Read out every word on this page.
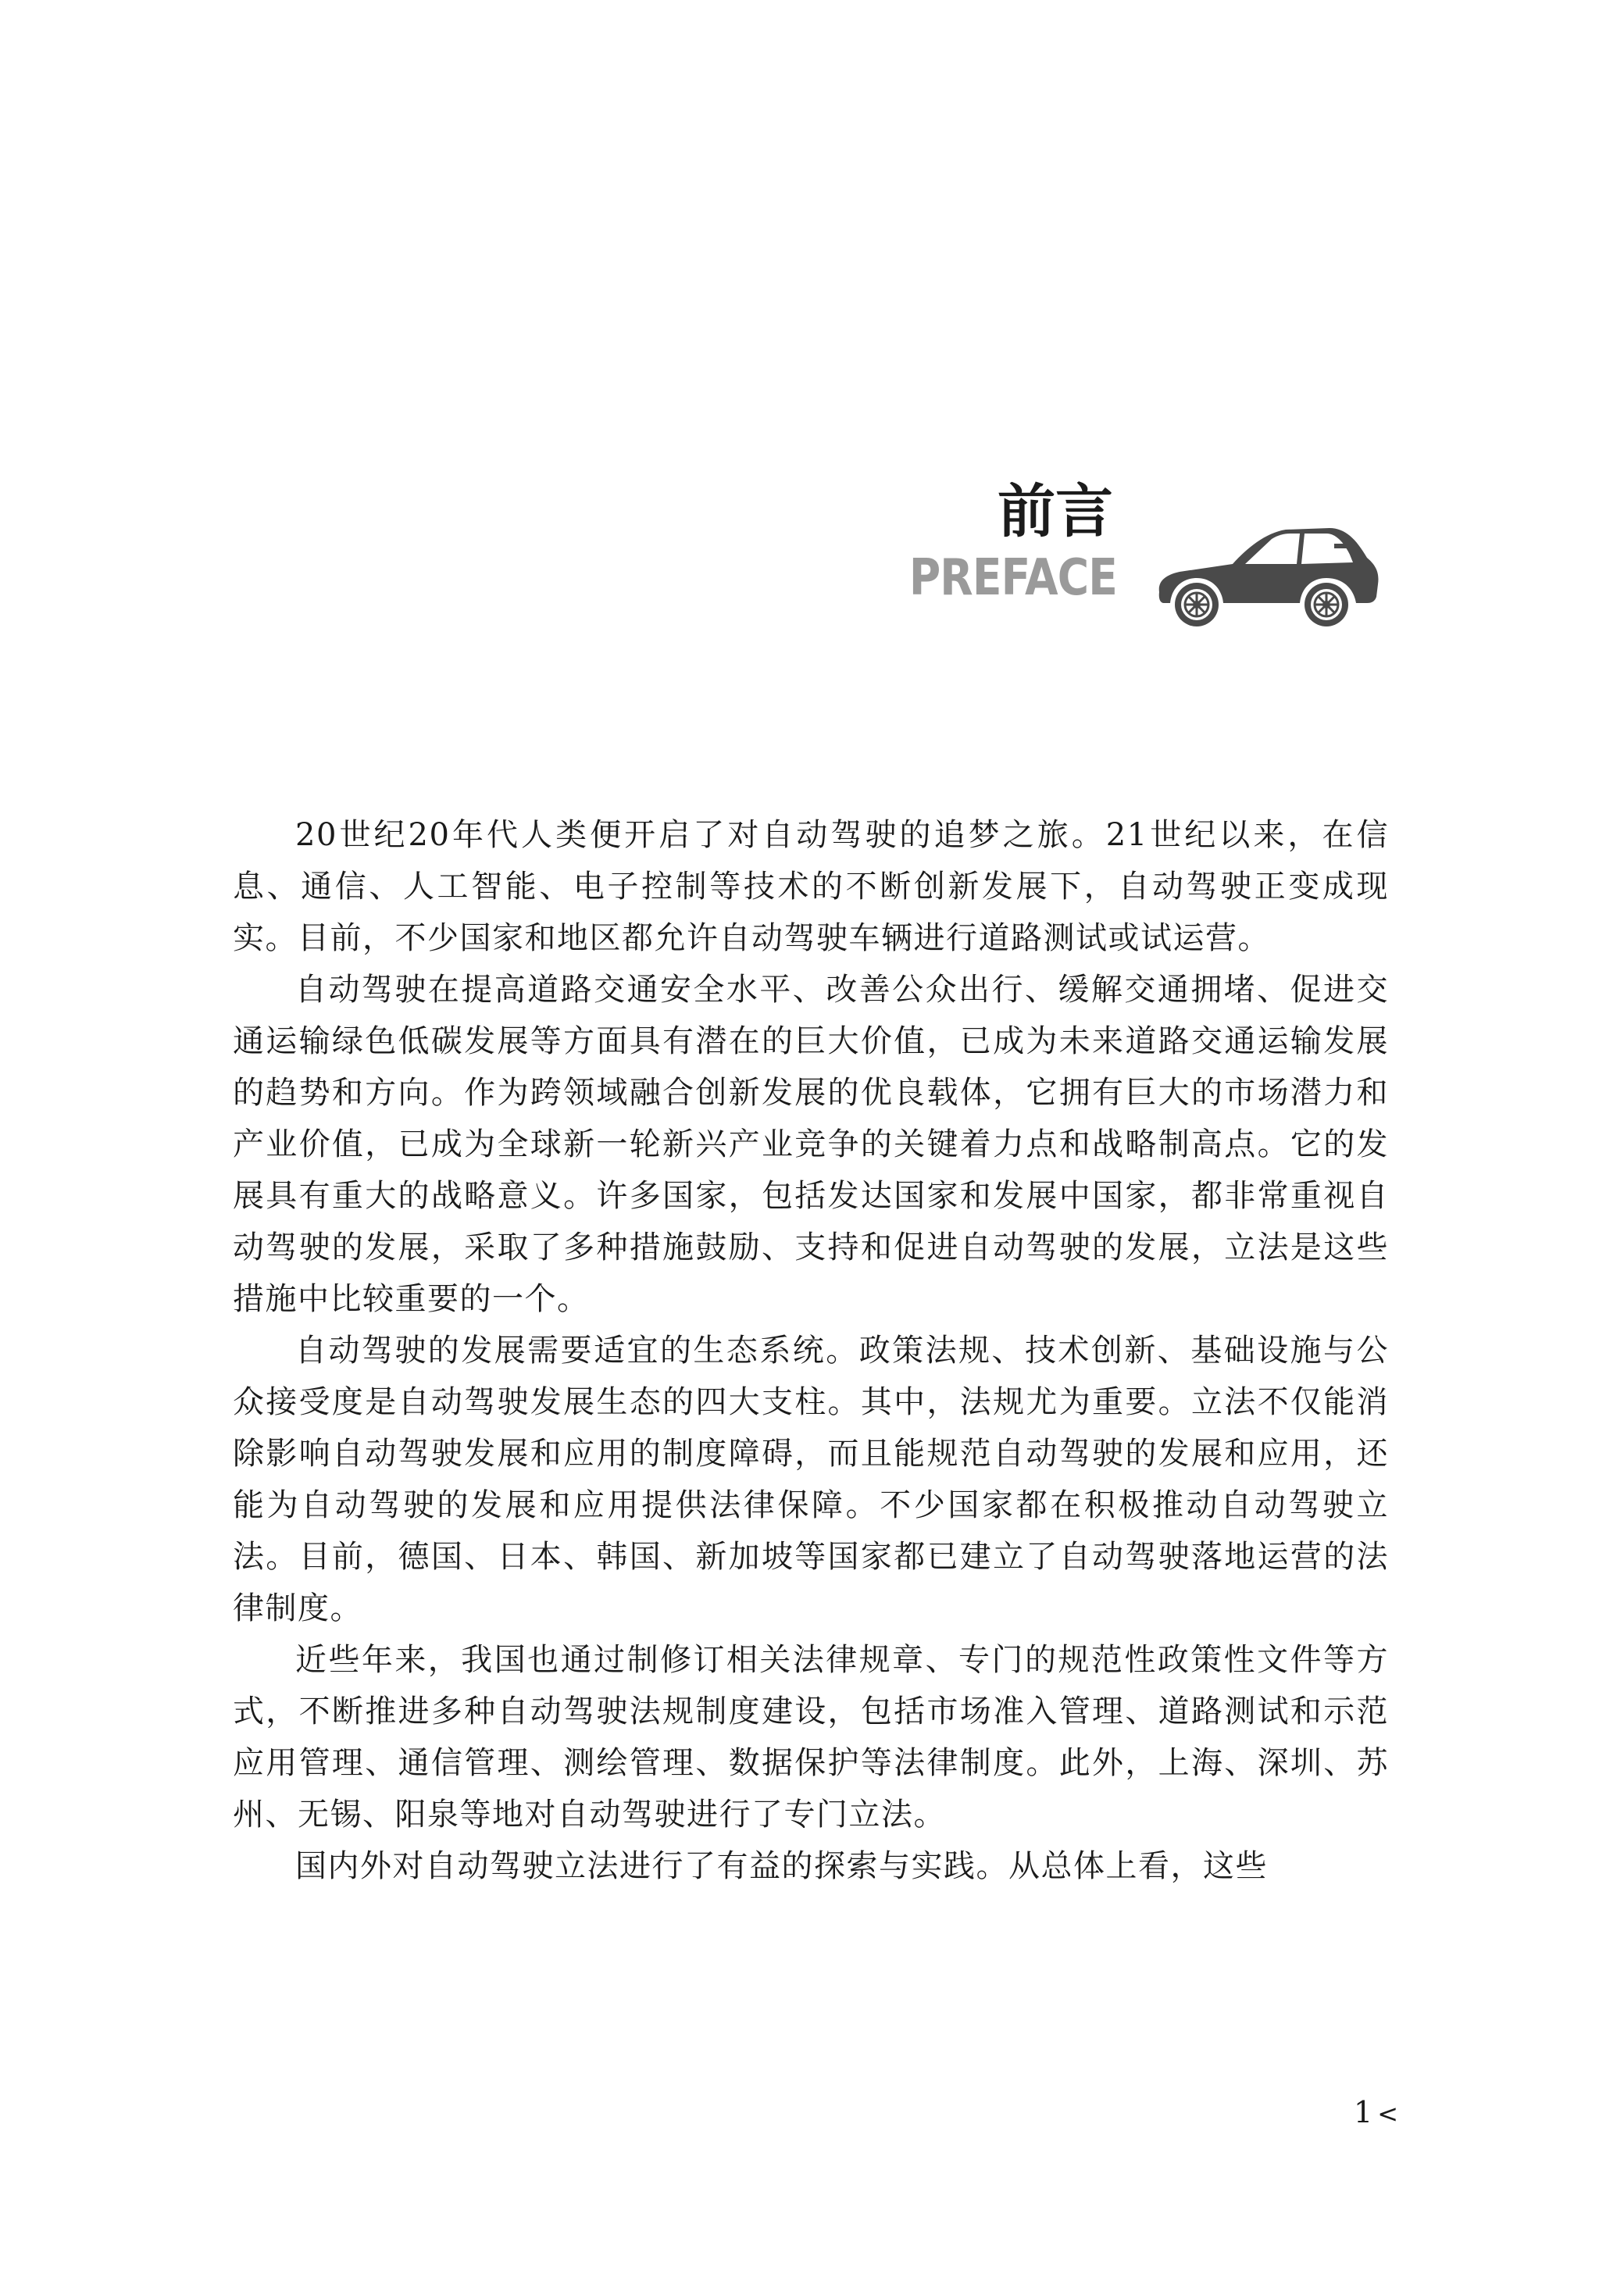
前言
PREFACE

20世纪20年代人类便开启了对自动驾驶的追梦之旅。21世纪以来，在信息、通信、人工智能、电子控制等技术的不断创新发展下，自动驾驶正变成现实。目前，不少国家和地区都允许自动驾驶车辆进行道路测试或试运营。

自动驾驶在提高道路交通安全水平、改善公众出行、缓解交通拥堵、促进交通运输绿色低碳发展等方面具有潜在的巨大价值，已成为未来道路交通运输发展的趋势和方向。作为跨领域融合创新发展的优良载体，它拥有巨大的市场潜力和产业价值，已成为全球新一轮新兴产业竞争的关键着力点和战略制高点。它的发展具有重大的战略意义。许多国家，包括发达国家和发展中国家，都非常重视自动驾驶的发展，采取了多种措施鼓励、支持和促进自动驾驶的发展，立法是这些措施中比较重要的一个。

自动驾驶的发展需要适宜的生态系统。政策法规、技术创新、基础设施与公众接受度是自动驾驶发展生态的四大支柱。其中，法规尤为重要。立法不仅能消除影响自动驾驶发展和应用的制度障碍，而且能规范自动驾驶的发展和应用，还能为自动驾驶的发展和应用提供法律保障。不少国家都在积极推动自动驾驶立法。目前，德国、日本、韩国、新加坡等国家都已建立了自动驾驶落地运营的法律制度。

近些年来，我国也通过制修订相关法律规章、专门的规范性政策性文件等方式，不断推进多种自动驾驶法规制度建设，包括市场准入管理、道路测试和示范应用管理、通信管理、测绘管理、数据保护等法律制度。此外，上海、深圳、苏州、无锡、阳泉等地对自动驾驶进行了专门立法。

国内外对自动驾驶立法进行了有益的探索与实践。从总体上看，这些

1 <
